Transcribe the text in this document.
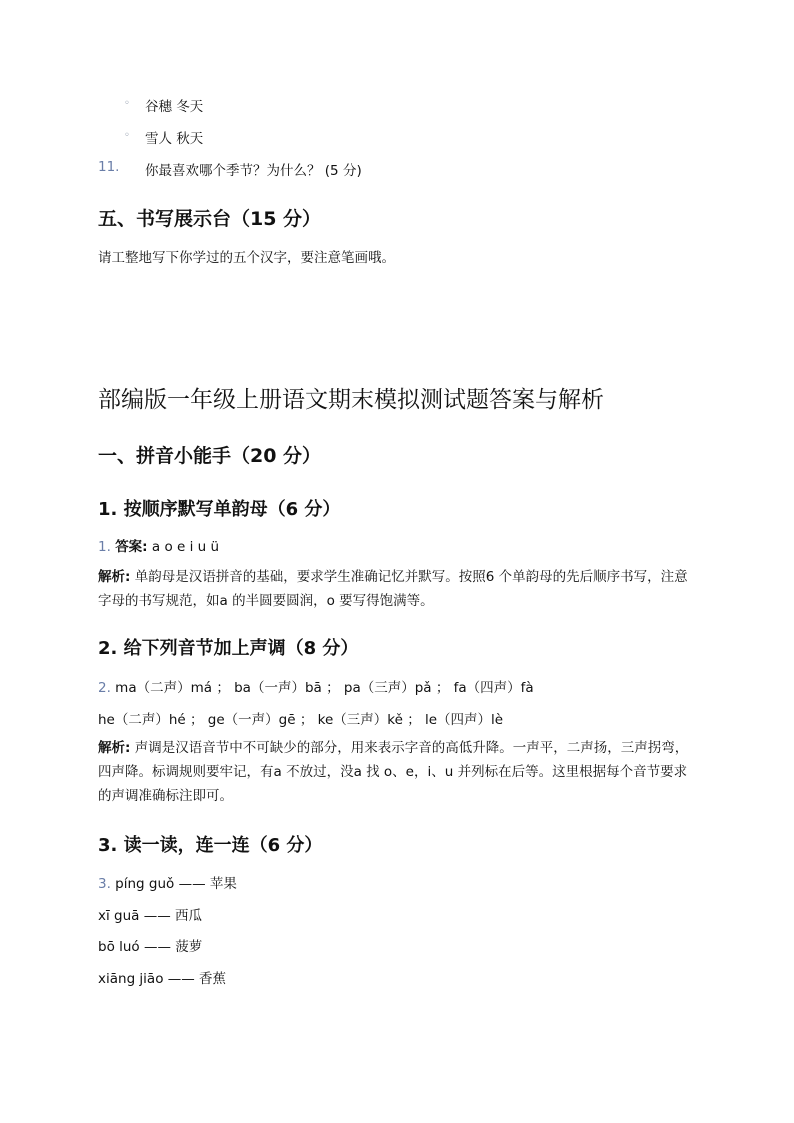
◦ 谷穗 冬天
◦ 雪人 秋天
11. 你最喜欢哪个季节？为什么？ (5 分)
五、书写展示台（15 分）
请工整地写下你学过的五个汉字，要注意笔画哦。
部编版一年级上册语文期末模拟测试题答案与解析
一、拼音小能手（20 分）
1. 按顺序默写单韵母（6 分）
1. 答案: a o e i u ü
解析: 单韵母是汉语拼音的基础，要求学生准确记忆并默写。按照6 个单韵母的先后顺序书写，注意字母的书写规范，如a 的半圆要圆润，o 要写得饱满等。
2. 给下列音节加上声调（8 分）
2. ma（二声）má ； ba（一声）bā ； pa（三声）pǎ ； fa（四声）fà
he（二声）hé ； ge（一声）gē ； ke（三声）kě ； le（四声）lè
解析: 声调是汉语音节中不可缺少的部分，用来表示字音的高低升降。一声平，二声扬，三声拐弯，四声降。标调规则要牢记，有a 不放过，没a 找 o、e，i、u 并列标在后等。这里根据每个音节要求的声调准确标注即可。
3. 读一读，连一连（6 分）
3. píng guǒ —— 苹果
xī guā —— 西瓜
bō luó —— 菠萝
xiāng jiāo —— 香蕉
